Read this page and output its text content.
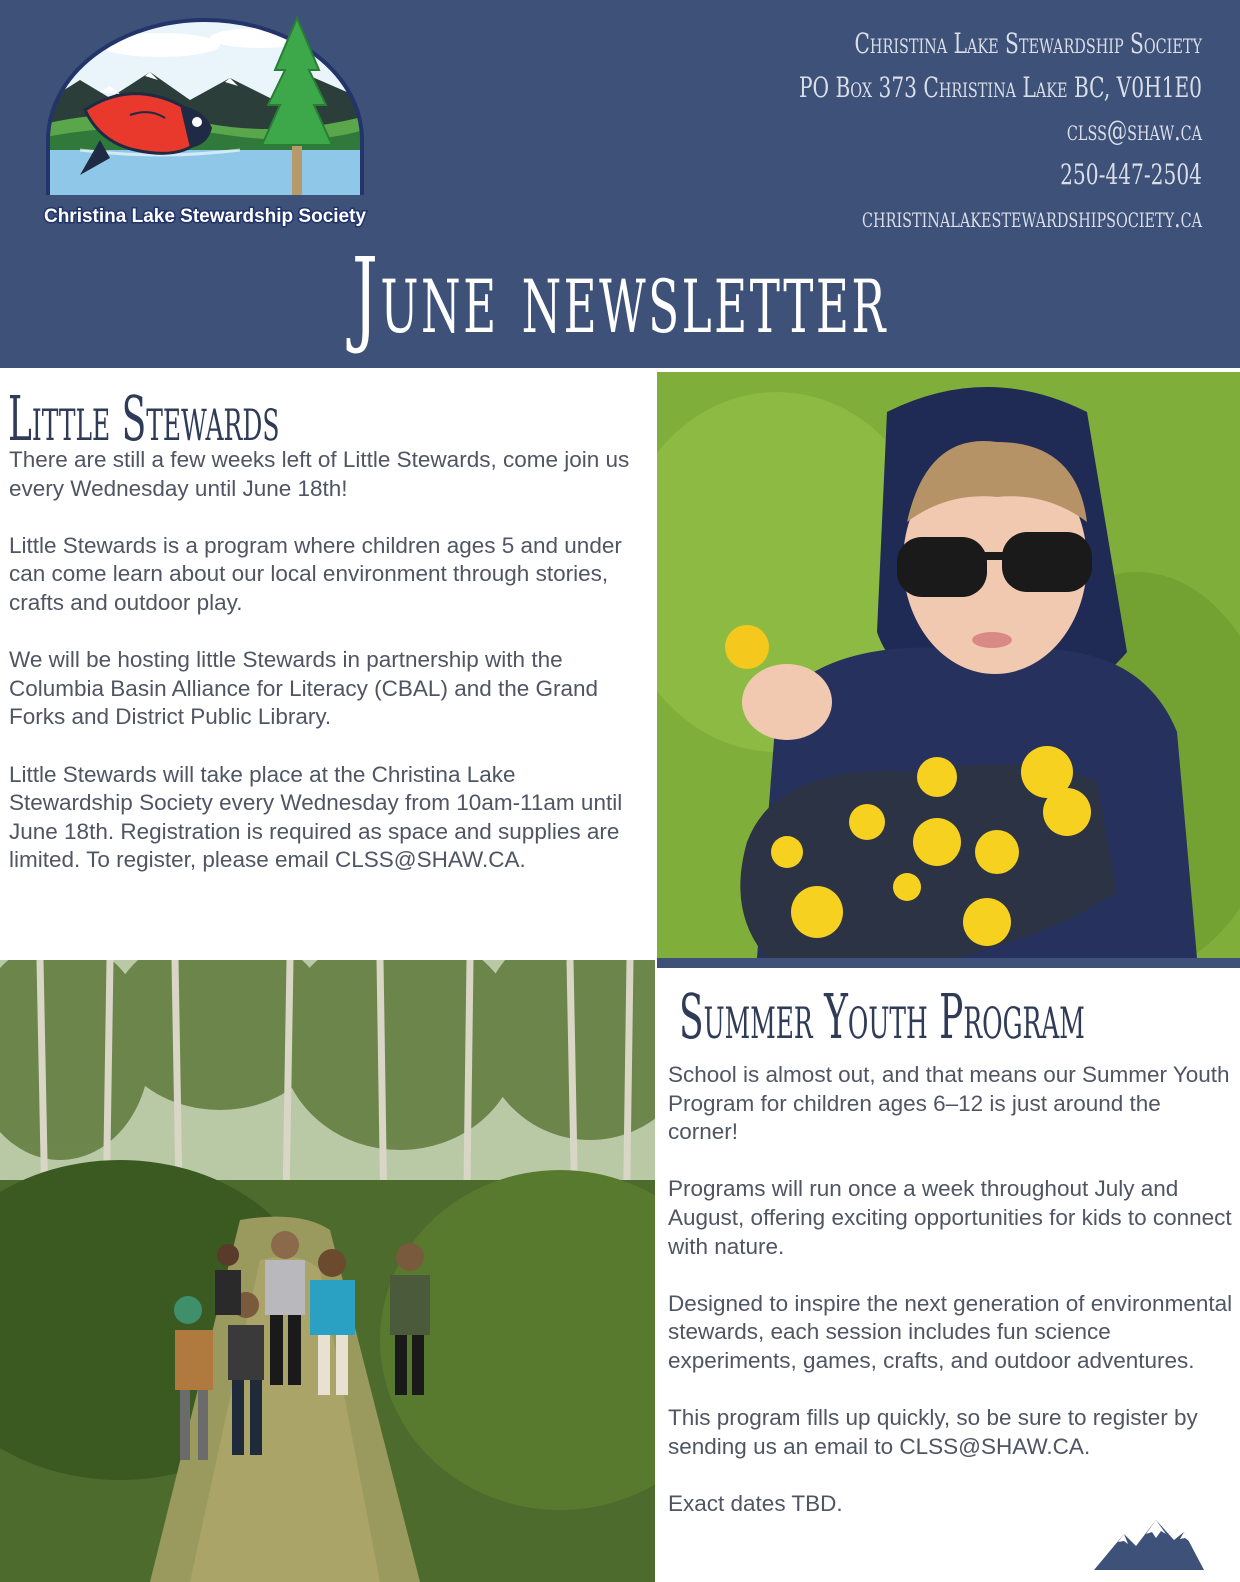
Christina Lake Stewardship Society
Christina Lake Stewardship Society
PO Box 373 Christina Lake BC, V0H1E0
clss@shaw.ca
250-447-2504
christinalakestewardshipsociety.ca
June newsletter
Little Stewards

There are still a few weeks left of Little Stewards, come join us every Wednesday until June 18th!

Little Stewards is a program where children ages 5 and under can come learn about our local environment through stories, crafts and outdoor play.

We will be hosting little Stewards in partnership with the Columbia Basin Alliance for Literacy (CBAL) and the Grand Forks and District Public Library.

Little Stewards will take place at the Christina Lake Stewardship Society every Wednesday from 10am-11am until June 18th. Registration is required as space and supplies are limited. To register, please email CLSS@SHAW.CA.

Summer Youth Program

School is almost out, and that means our Summer Youth Program for children ages 6–12 is just around the corner!

Programs will run once a week throughout July and August, offering exciting opportunities for kids to connect with nature.

Designed to inspire the next generation of environmental stewards, each session includes fun science experiments, games, crafts, and outdoor adventures.

This program fills up quickly, so be sure to register by sending us an email to CLSS@SHAW.CA.

Exact dates TBD.
